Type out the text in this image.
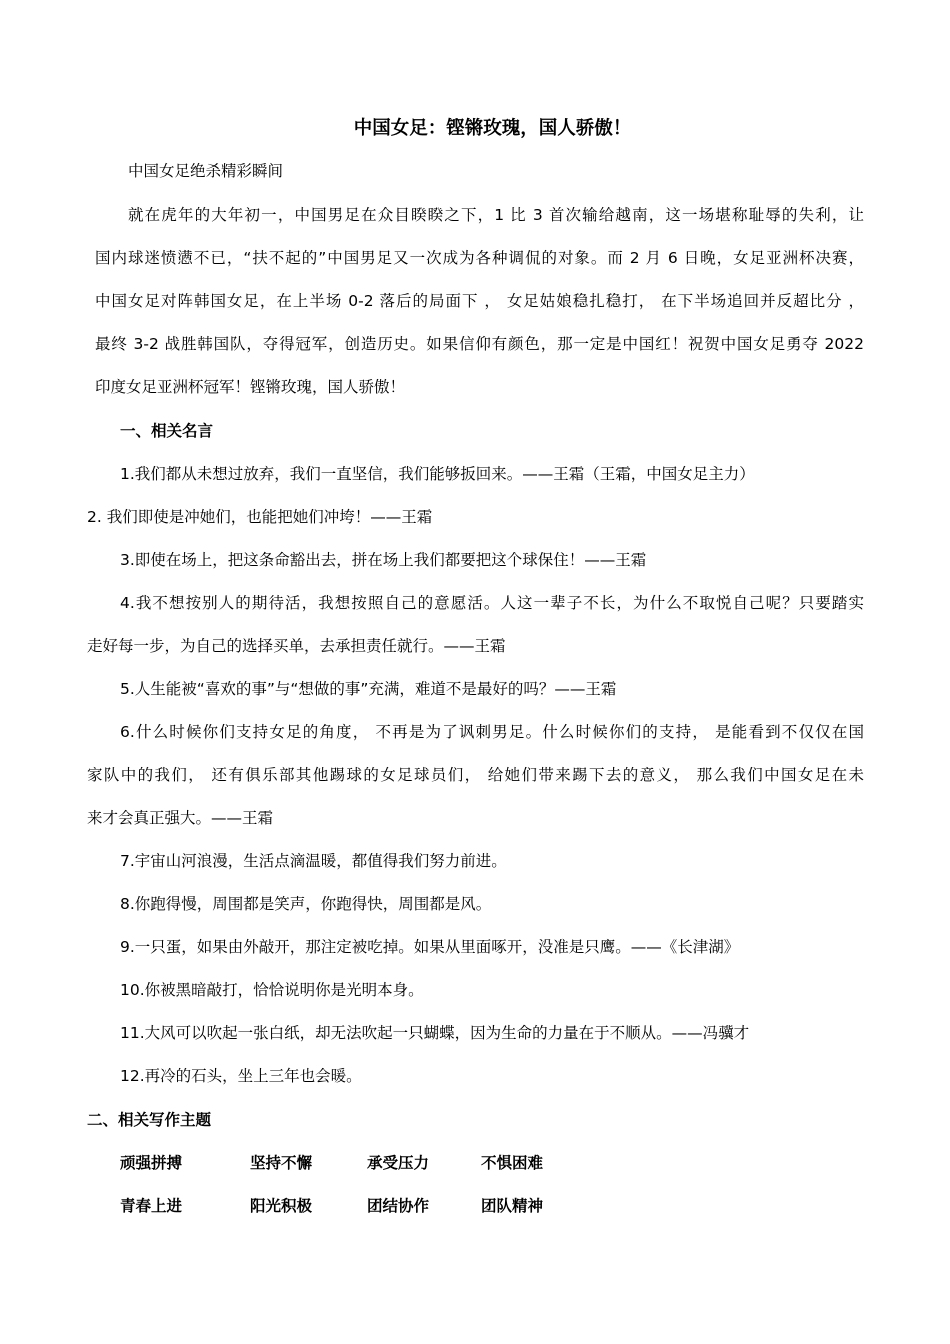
中国女足：铿锵玫瑰，国人骄傲！
中国女足绝杀精彩瞬间
就在虎年的大年初一，中国男足在众目睽睽之下，1 比 3 首次输给越南，这一场堪称耻辱的失利，让
国内球迷愤懑不已，“扶不起的”中国男足又一次成为各种调侃的对象。而 2 月 6 日晚，女足亚洲杯决赛，
中国女足对阵韩国女足，在上半场 0-2 落后的局面下 ， 女足姑娘稳扎稳打， 在下半场追回并反超比分 ，
最终 3-2 战胜韩国队，夺得冠军，创造历史。如果信仰有颜色，那一定是中国红！祝贺中国女足勇夺 2022
印度女足亚洲杯冠军！铿锵玫瑰，国人骄傲！
一、相关名言
1.我们都从未想过放弃，我们一直坚信，我们能够扳回来。——王霜（王霜，中国女足主力）
2. 我们即使是冲她们，也能把她们冲垮！——王霜
3.即使在场上，把这条命豁出去，拼在场上我们都要把这个球保住！——王霜
4.我不想按别人的期待活，我想按照自己的意愿活。人这一辈子不长，为什么不取悦自己呢？只要踏实
走好每一步，为自己的选择买单，去承担责任就行。——王霜
5.人生能被“喜欢的事”与“想做的事”充满，难道不是最好的吗？——王霜
6.什么时候你们支持女足的角度， 不再是为了讽刺男足。什么时候你们的支持， 是能看到不仅仅在国
家队中的我们， 还有俱乐部其他踢球的女足球员们， 给她们带来踢下去的意义， 那么我们中国女足在未
来才会真正强大。——王霜
7.宇宙山河浪漫，生活点滴温暖，都值得我们努力前进。
8.你跑得慢，周围都是笑声，你跑得快，周围都是风。
9.一只蛋，如果由外敲开，那注定被吃掉。如果从里面啄开，没准是只鹰。——《长津湖》
10.你被黑暗敲打，恰恰说明你是光明本身。
11.大风可以吹起一张白纸，却无法吹起一只蝴蝶，因为生命的力量在于不顺从。——冯骥才
12.再冷的石头，坐上三年也会暖。
二、相关写作主题
顽强拼搏	坚持不懈	承受压力	不惧困难
青春上进	阳光积极	团结协作	团队精神
